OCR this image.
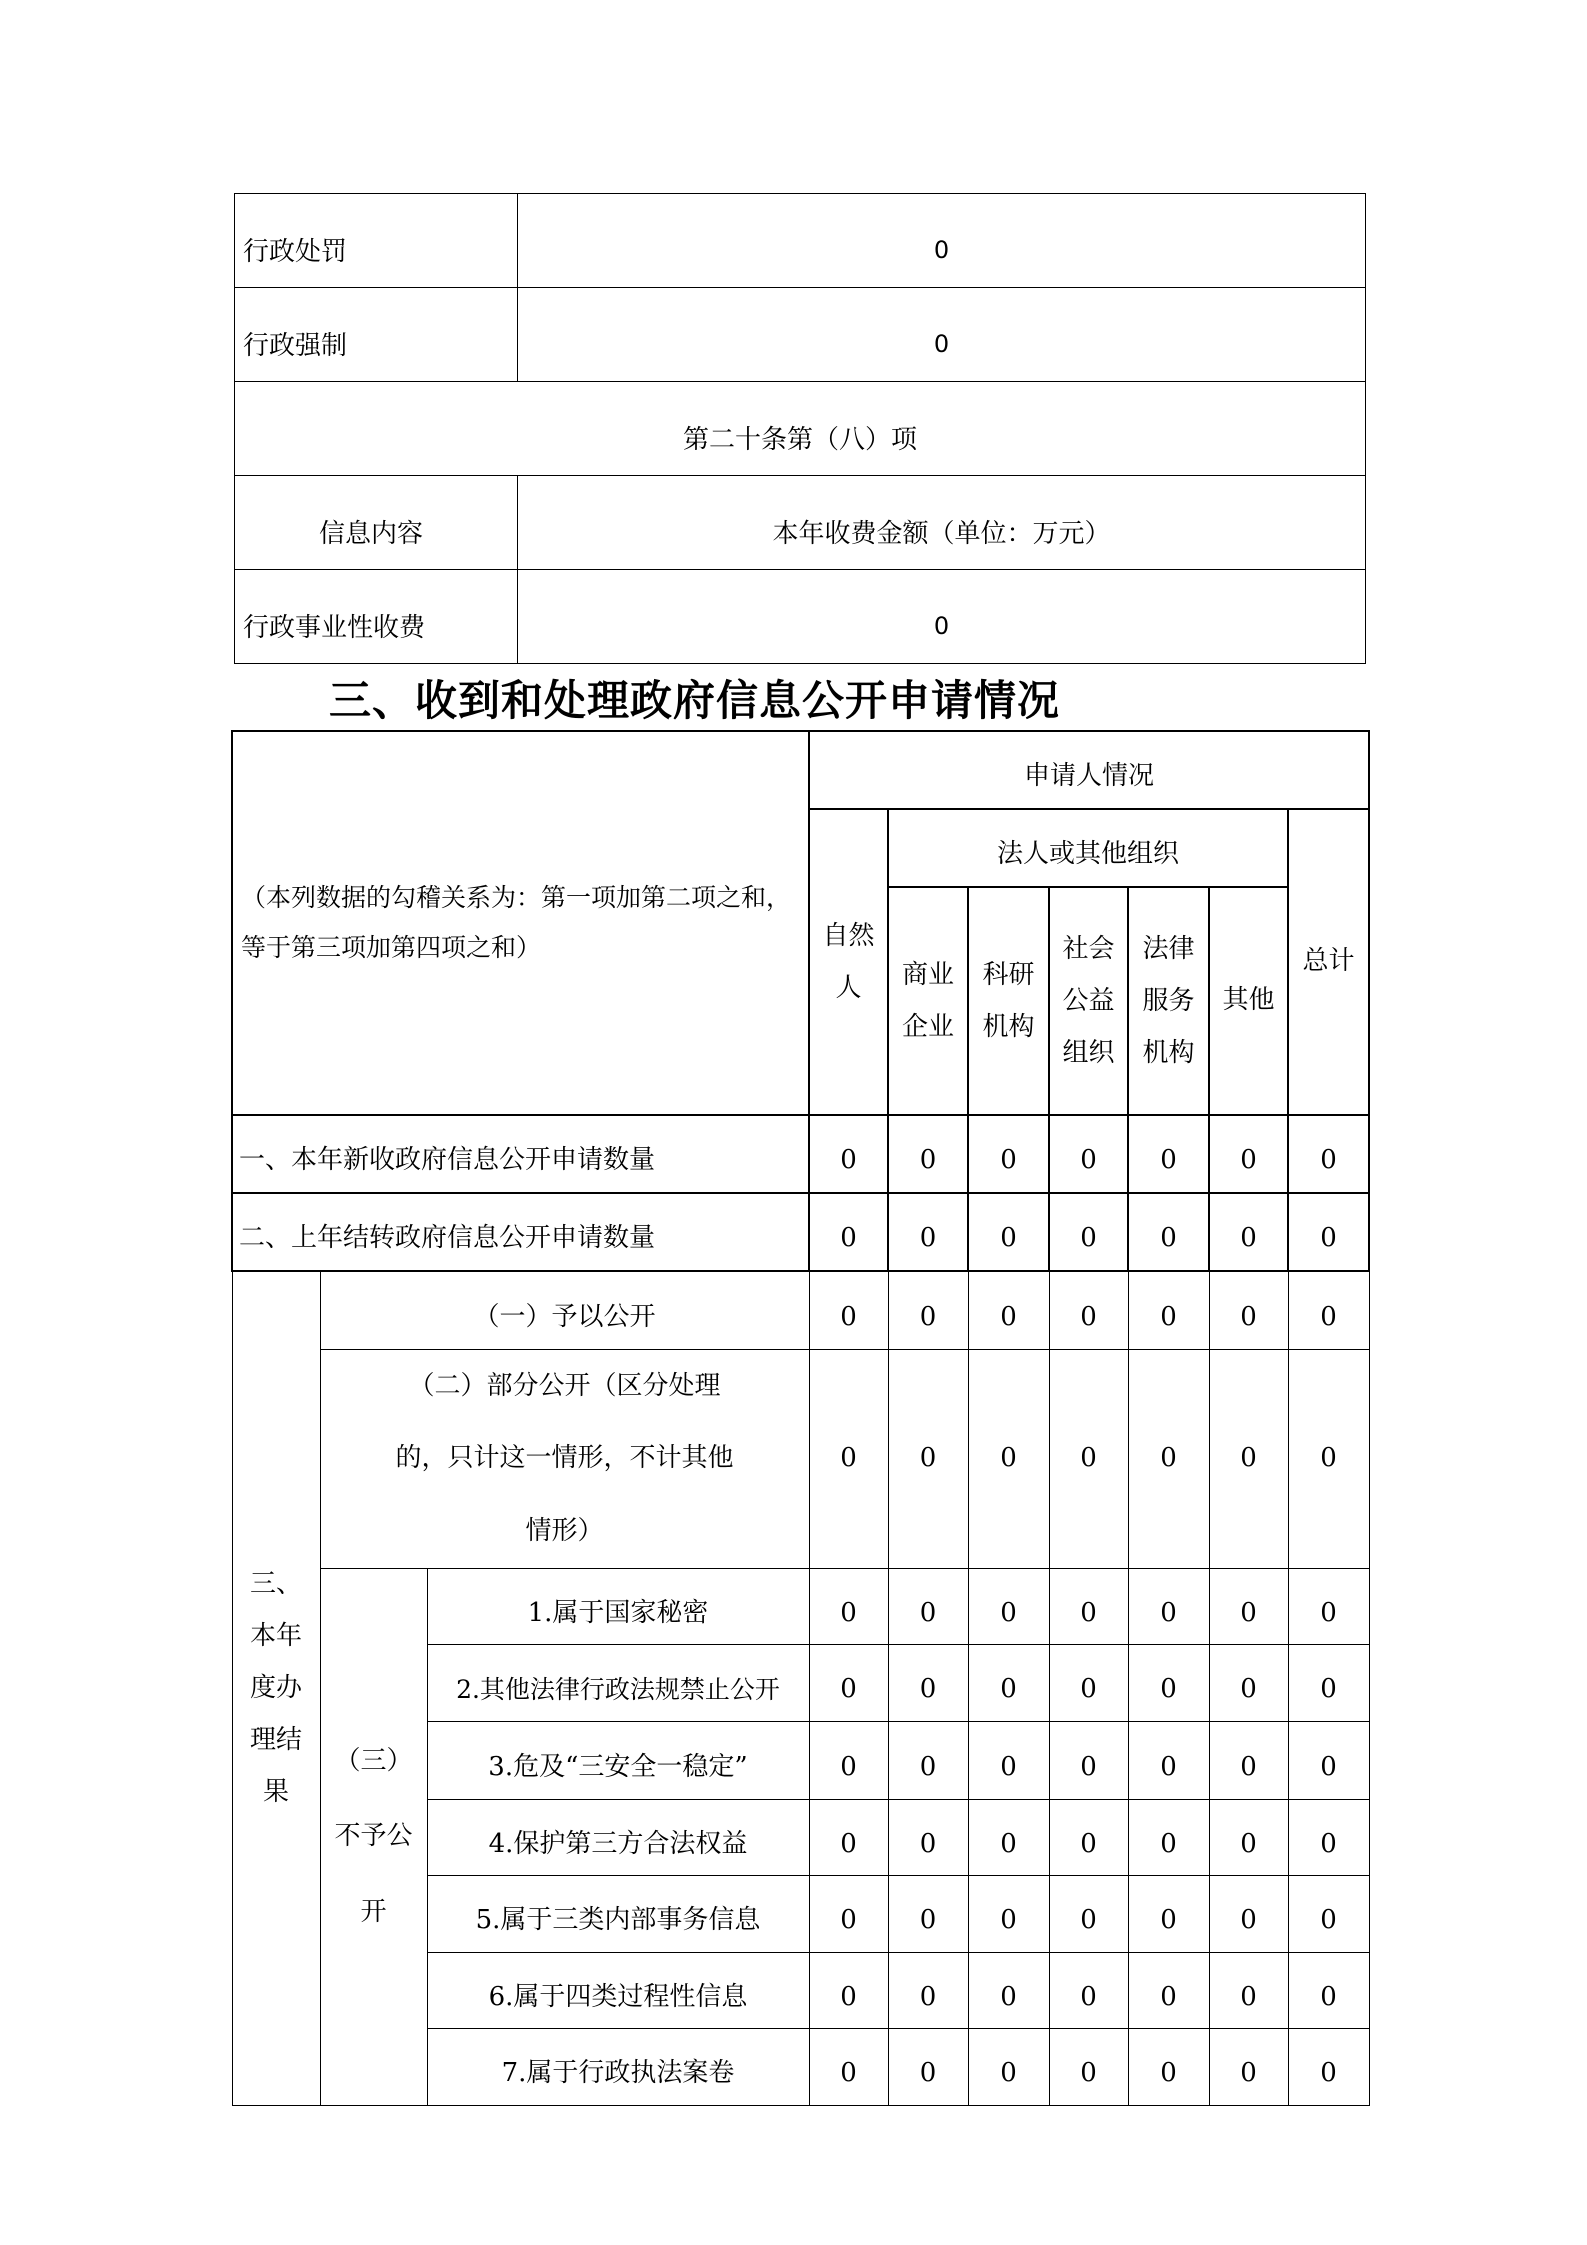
行政处罚	0
行政强制	0
第二十条第（八）项	
信息内容	本年收费金额（单位：万元）
行政事业性收费	0
三、收到和处理政府信息公开申请情况
（本列数据的勾稽关系为：第一项加第二项之和，等于第三项加第四项之和）			申请人情况						

			自然人	法人或其他组织					总计

				商业企业	科研机构	社会公益组织	法律服务机构	其他	
一、本年新收政府信息公开申请数量			0	0	0	0	0	0	0
二、上年结转政府信息公开申请数量			0	0	0	0	0	0	0

三、本年度办理结果	（一）予以公开		0	0	0	0	0	0	0

	（二）部分公开（区分处理的，只计这一情形，不计其他情形）		0	0	0	0	0	0	0

	（三）不予公开	1.属于国家秘密	0	0	0	0	0	0	0
		2.其他法律行政法规禁止公开	0	0	0	0	0	0	0
		3.危及“三安全一稳定”	0	0	0	0	0	0	0
		4.保护第三方合法权益	0	0	0	0	0	0	0
		5.属于三类内部事务信息	0	0	0	0	0	0	0
		6.属于四类过程性信息	0	0	0	0	0	0	0
		7.属于行政执法案卷	0	0	0	0	0	0	0
